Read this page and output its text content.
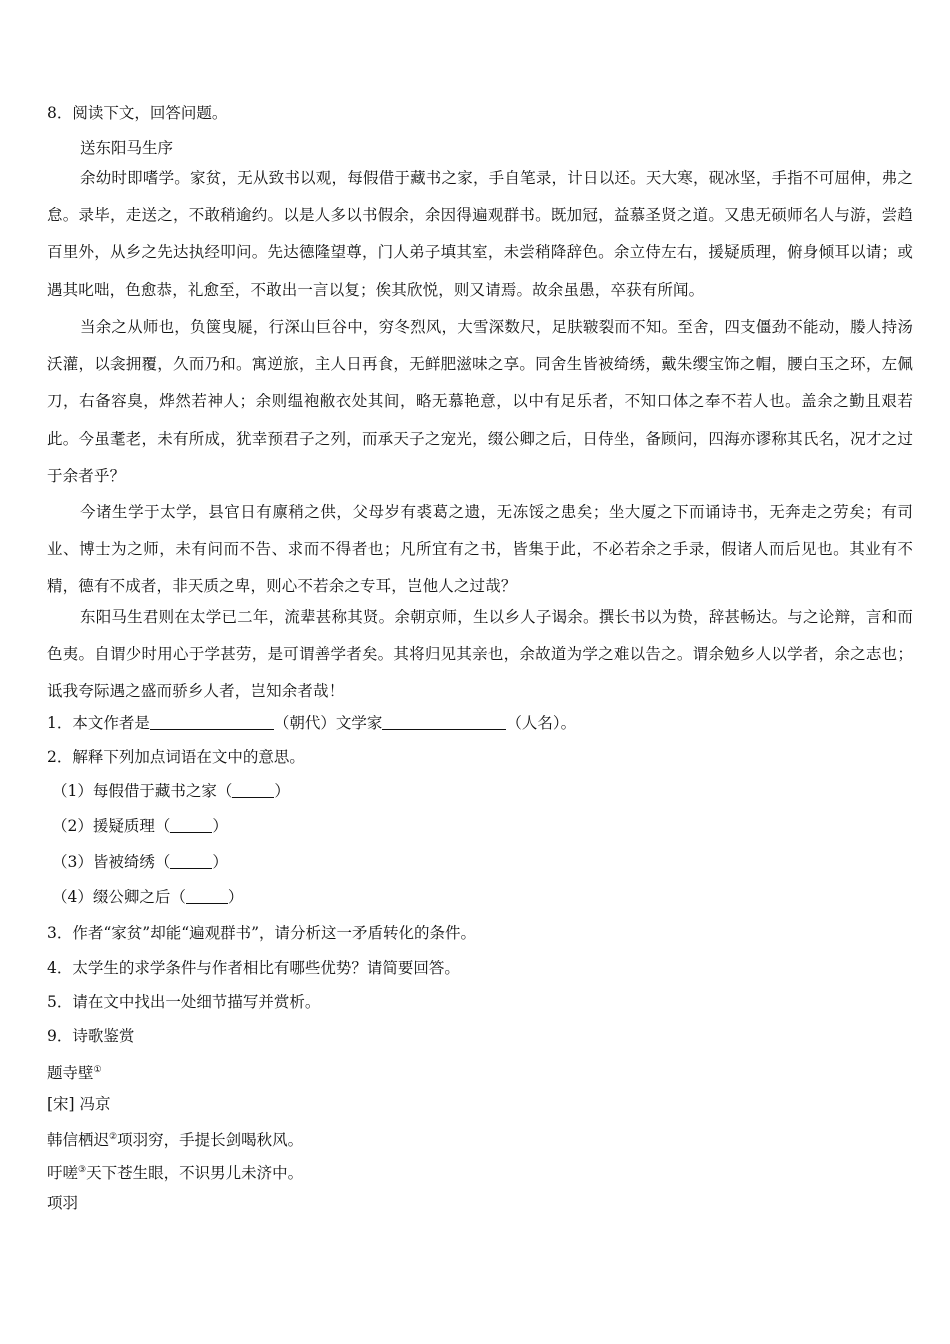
8．阅读下文，回答问题。
送东阳马生序
余幼时即嗜学。家贫，无从致书以观，每假借于藏书之家，手自笔录，计日以还。天大寒，砚冰坚，手指不可屈伸，弗之怠。录毕，走送之，不敢稍逾约。以是人多以书假余，余因得遍观群书。既加冠，益慕圣贤之道。又患无硕师名人与游，尝趋百里外，从乡之先达执经叩问。先达德隆望尊，门人弟子填其室，未尝稍降辞色。余立侍左右，援疑质理，俯身倾耳以请；或遇其叱咄，色愈恭，礼愈至，不敢出一言以复；俟其欣悦，则又请焉。故余虽愚，卒获有所闻。
当余之从师也，负箧曳屣，行深山巨谷中，穷冬烈风，大雪深数尺，足肤皲裂而不知。至舍，四支僵劲不能动，媵人持汤沃灌，以衾拥覆，久而乃和。寓逆旅，主人日再食，无鲜肥滋味之享。同舍生皆被绮绣，戴朱缨宝饰之帽，腰白玉之环，左佩刀，右备容臭，烨然若神人；余则缊袍敝衣处其间，略无慕艳意，以中有足乐者，不知口体之奉不若人也。盖余之勤且艰若此。今虽耄老，未有所成，犹幸预君子之列，而承天子之宠光，缀公卿之后，日侍坐，备顾问，四海亦谬称其氏名，况才之过于余者乎？
今诸生学于太学，县官日有廪稍之供，父母岁有裘葛之遗，无冻馁之患矣；坐大厦之下而诵诗书，无奔走之劳矣；有司业、博士为之师，未有问而不告、求而不得者也；凡所宜有之书，皆集于此，不必若余之手录，假诸人而后见也。其业有不精，德有不成者，非天质之卑，则心不若余之专耳，岂他人之过哉？
东阳马生君则在太学已二年，流辈甚称其贤。余朝京师，生以乡人子谒余。撰长书以为贽，辞甚畅达。与之论辩，言和而色夷。自谓少时用心于学甚劳，是可谓善学者矣。其将归见其亲也，余故道为学之难以告之。谓余勉乡人以学者，余之志也；诋我夸际遇之盛而骄乡人者，岂知余者哉！
1．本文作者是	（朝代）文学家	（人名）。
2．解释下列加点词语在文中的意思。
（1）每假借于藏书之家（	）
（2）援疑质理（	）
（3）皆被绮绣（	）
（4）缀公卿之后（	）
3．作者“家贫”却能“遍观群书”，请分析这一矛盾转化的条件。
4．太学生的求学条件与作者相比有哪些优势？请简要回答。
5．请在文中找出一处细节描写并赏析。
9．诗歌鉴赏
题寺壁①
[宋] 冯京
韩信栖迟②项羽穷，手提长剑喝秋风。
吁嗟③天下苍生眼，不识男儿未济中。
项羽
